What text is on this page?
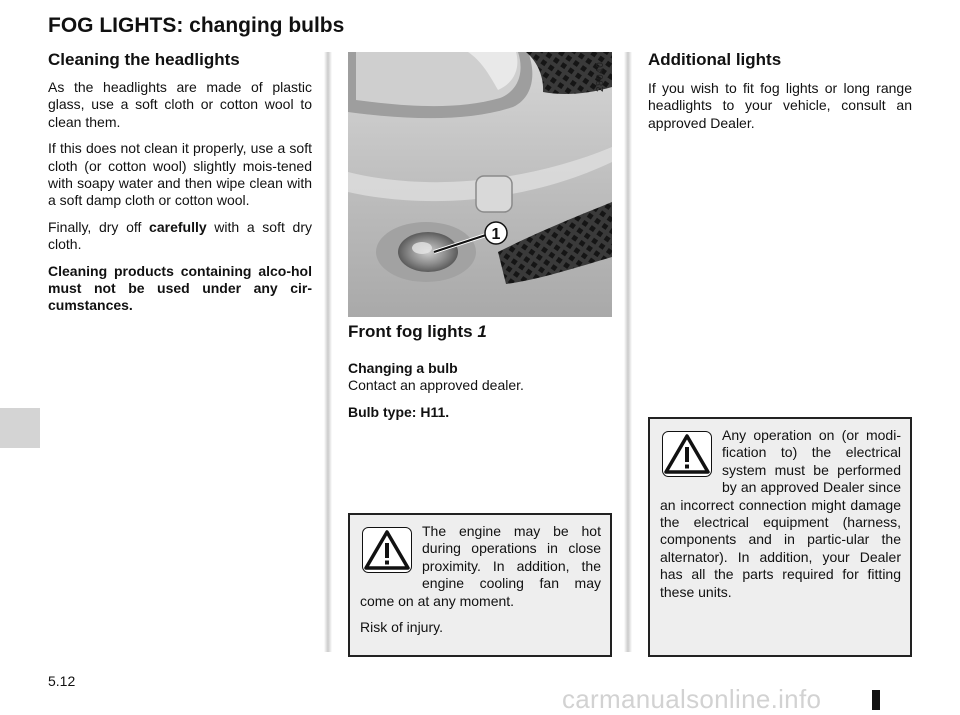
FOG LIGHTS: changing bulbs
Cleaning the headlights

As the headlights are made of plastic glass, use a soft cloth or cotton wool to clean them.

If this does not clean it properly, use a soft cloth (or cotton wool) slightly mois-tened with soapy water and then wipe clean with a soft damp cloth or cotton wool.

Finally, dry off carefully with a soft dry cloth.

Cleaning products containing alco-hol must not be used under any cir-cumstances.

1
28040
Front fog lights 1

Changing a bulb

Contact an approved dealer.

Bulb type: H11.

The engine may be hot during operations in close proximity. In addition, the engine cooling fan may come on at any moment.

Risk of injury.

Additional lights

If you wish to fit fog lights or long range headlights to your vehicle, consult an approved Dealer.

Any operation on (or modi-fication to) the electrical system must be performed by an approved Dealer since an incorrect connection might damage the electrical equipment (harness, components and in partic-ular the alternator). In addition, your Dealer has all the parts required for fitting these units.

5.12
carmanualsonline.info
